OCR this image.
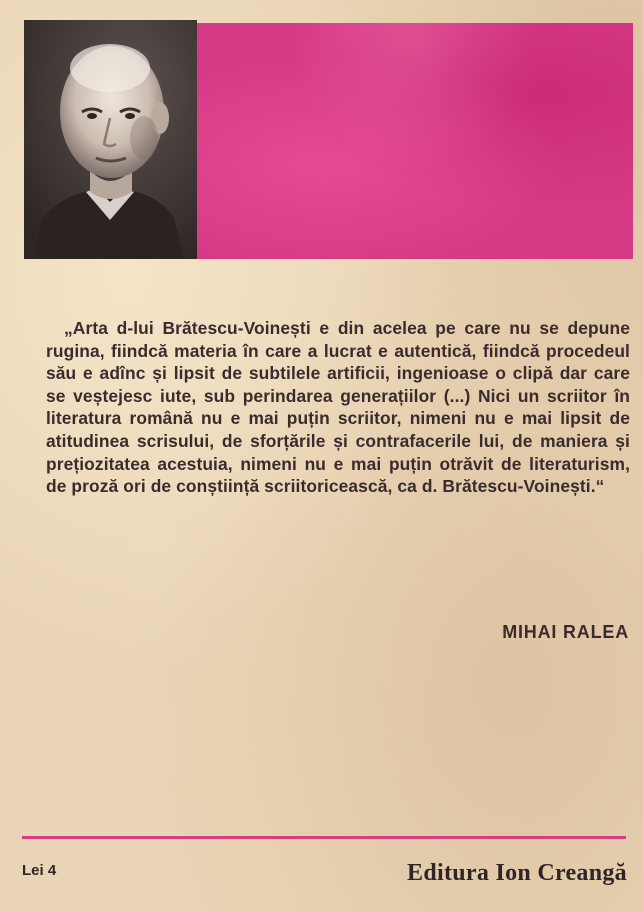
„Arta d-lui Brătescu-Voinești e din acelea pe care nu se depune rugina, fiindcă materia în care a lucrat e autentică, fiindcă procedeul său e adînc și lipsit de subtilele artificii, ingenioase o clipă dar care se veștejesc iute, sub perindarea generațiilor (...) Nici un scriitor în literatura română nu e mai puțin scriitor, nimeni nu e mai lipsit de atitudinea scrisului, de sforțările și contrafacerile lui, de maniera și prețiozitatea acestuia, nimeni nu e mai puțin otrăvit de literaturism, de proză ori de conștiință scriitoricească, ca d. Brătescu-Voinești.“

MIHAI RALEA

Lei 4	Editura Ion Creangă
